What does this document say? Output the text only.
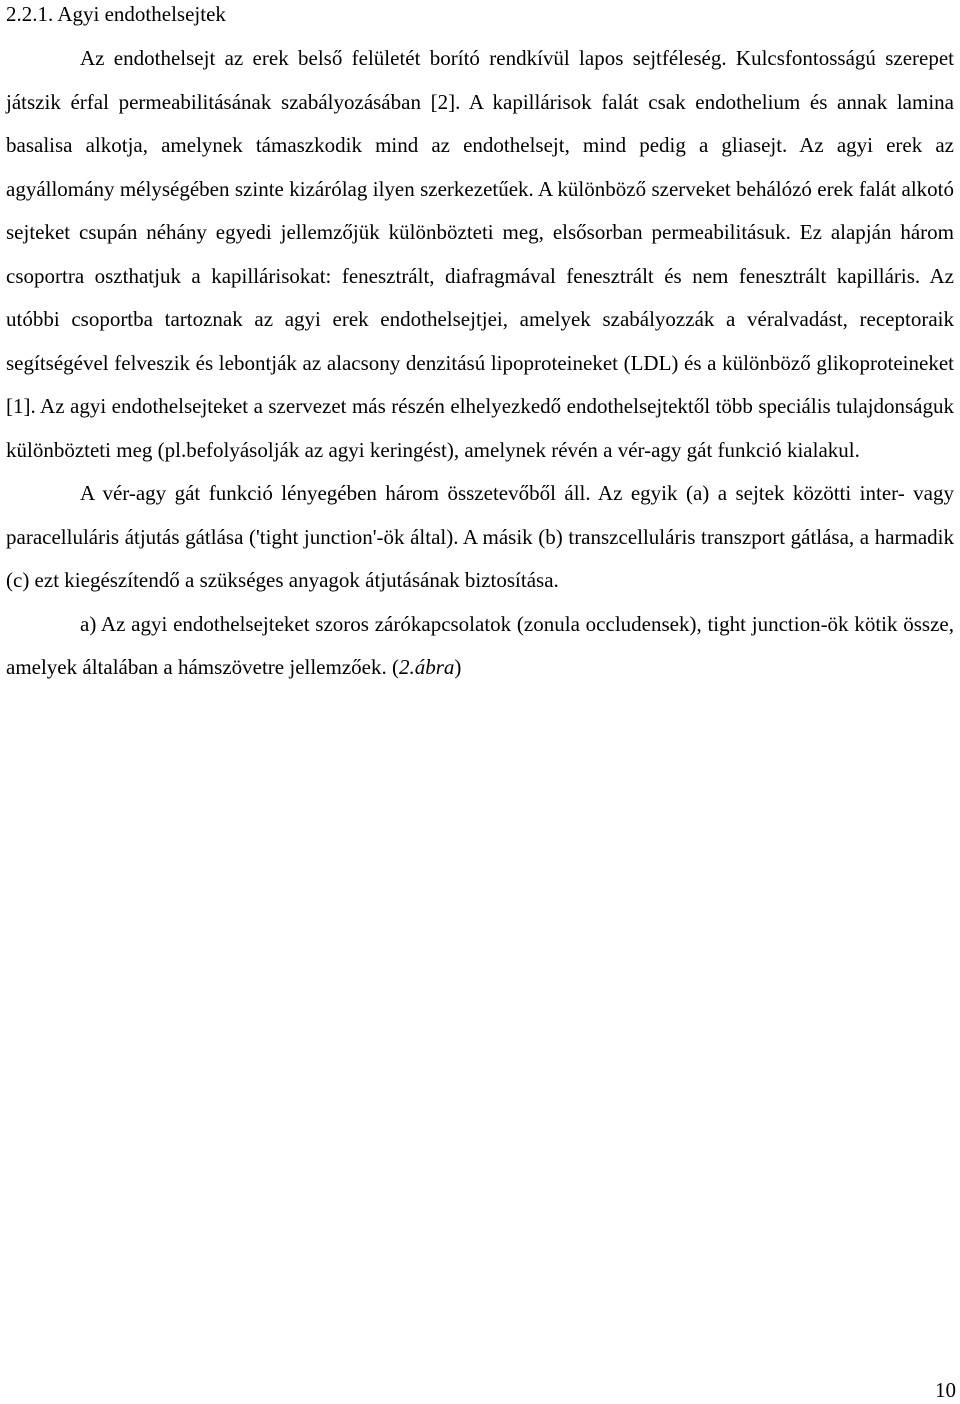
2.2.1. Agyi endothelsejtek

Az endothelsejt az erek belső felületét borító rendkívül lapos sejtféleség. Kulcsfontosságú szerepet játszik érfal permeabilitásának szabályozásában [2]. A kapillárisok falát csak endothelium és annak lamina basalisa alkotja, amelynek támaszkodik mind az endothelsejt, mind pedig a gliasejt. Az agyi erek az agyállomány mélységében szinte kizárólag ilyen szerkezetűek. A különböző szerveket behálózó erek falát alkotó sejteket csupán néhány egyedi jellemzőjük különbözteti meg, elsősorban permeabilitásuk. Ez alapján három csoportra oszthatjuk a kapillárisokat: fenesztrált, diafragmával fenesztrált és nem fenesztrált kapilláris. Az utóbbi csoportba tartoznak az agyi erek endothelsejtjei, amelyek szabályozzák a véralvadást, receptoraik segítségével felveszik és lebontják az alacsony denzitású lipoproteineket (LDL) és a különböző glikoproteineket [1]. Az agyi endothelsejteket a szervezet más részén elhelyezkedő endothelsejtektől több speciális tulajdonságuk különbözteti meg (pl.befolyásolják az agyi keringést), amelynek révén a vér-agy gát funkció kialakul.

A vér-agy gát funkció lényegében három összetevőből áll. Az egyik (a) a sejtek közötti inter- vagy paracelluláris átjutás gátlása ('tight junction'-ök által). A másik (b) transzcelluláris transzport gátlása, a harmadik (c) ezt kiegészítendő a szükséges anyagok átjutásának biztosítása.

a) Az agyi endothelsejteket szoros zárókapcsolatok (zonula occludensek), tight junction-ök kötik össze, amelyek általában a hámszövetre jellemzőek. (2.ábra)

10
